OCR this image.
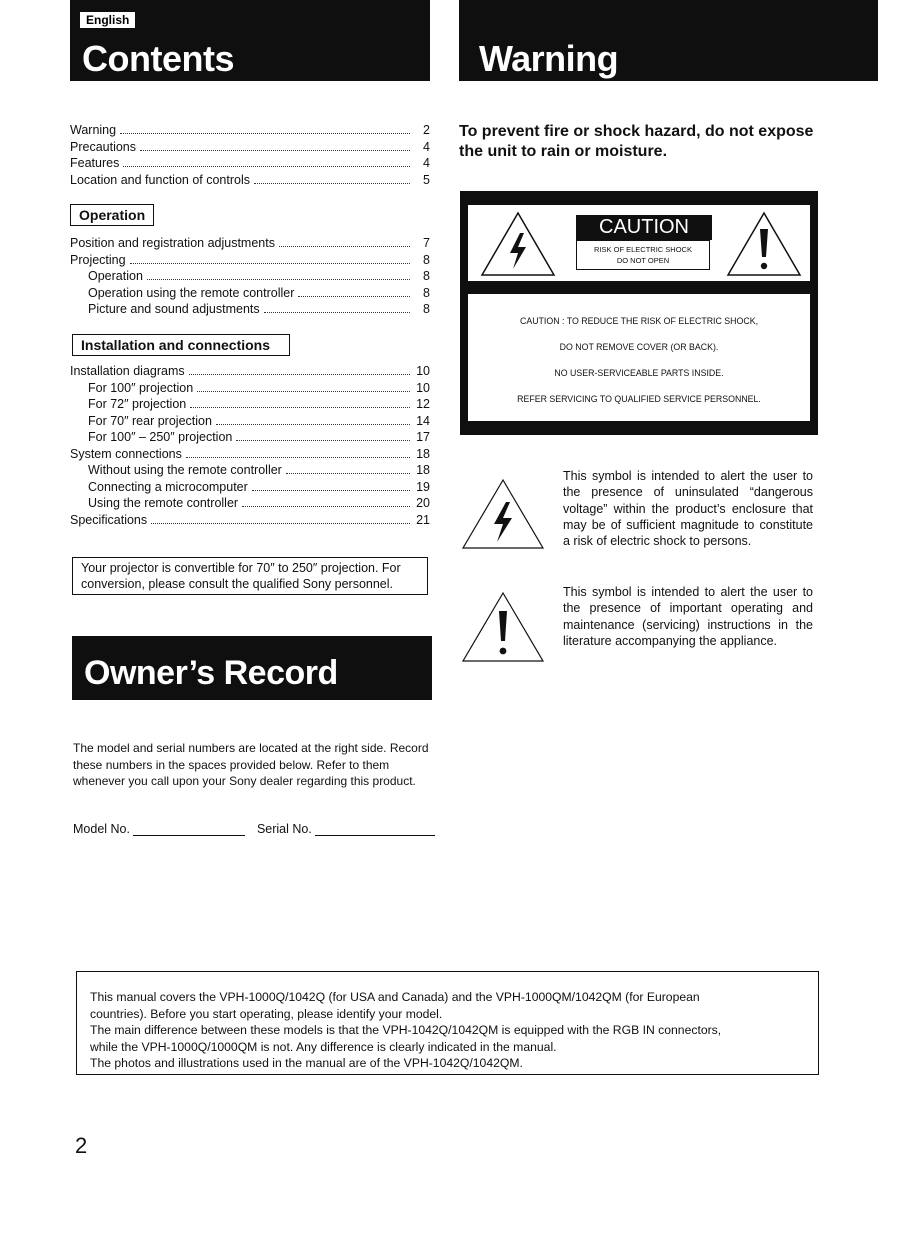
English
Contents	Warning
Warning	2
Precautions	4
Features	4
Location and function of controls	5
Operation
Position and registration adjustments	7
Projecting	8
Operation	8
Operation using the remote controller	8
Picture and sound adjustments	8
Installation and connections
Installation diagrams	10
For 100″ projection	10
For 72″ projection	12
For 70″ rear projection	14
For 100″ – 250″ projection	17
System connections	18
Without using the remote controller	18
Connecting a microcomputer	19
Using the remote controller	20
Specifications	21
Your projector is convertible for 70″ to 250″ projection. For conversion, please consult the qualified Sony personnel.
Owner’s Record
The model and serial numbers are located at the right side. Record these numbers in the spaces provided below. Refer to them whenever you call upon your Sony dealer regarding this product.
Model No.	Serial No.
To prevent fire or shock hazard, do not expose the unit to rain or moisture.
CAUTION
RISK OF ELECTRIC SHOCK
DO NOT OPEN
CAUTION : TO REDUCE THE RISK OF ELECTRIC SHOCK,
DO NOT REMOVE COVER (OR BACK).
NO USER-SERVICEABLE PARTS INSIDE.
REFER SERVICING TO QUALIFIED SERVICE PERSONNEL.
This symbol is intended to alert the user to the presence of uninsulated “dangerous voltage” within the product’s enclosure that may be of sufficient magnitude to constitute a risk of electric shock to persons.
This symbol is intended to alert the user to the presence of important operating and maintenance (servicing) instructions in the literature accompanying the appliance.
This manual covers the VPH-1000Q/1042Q (for USA and Canada) and the VPH-1000QM/1042QM (for European
countries). Before you start operating, please identify your model.
The main difference between these models is that the VPH-1042Q/1042QM is equipped with the RGB IN connectors,
while the VPH-1000Q/1000QM is not. Any difference is clearly indicated in the manual.
The photos and illustrations used in the manual are of the VPH-1042Q/1042QM.
2
